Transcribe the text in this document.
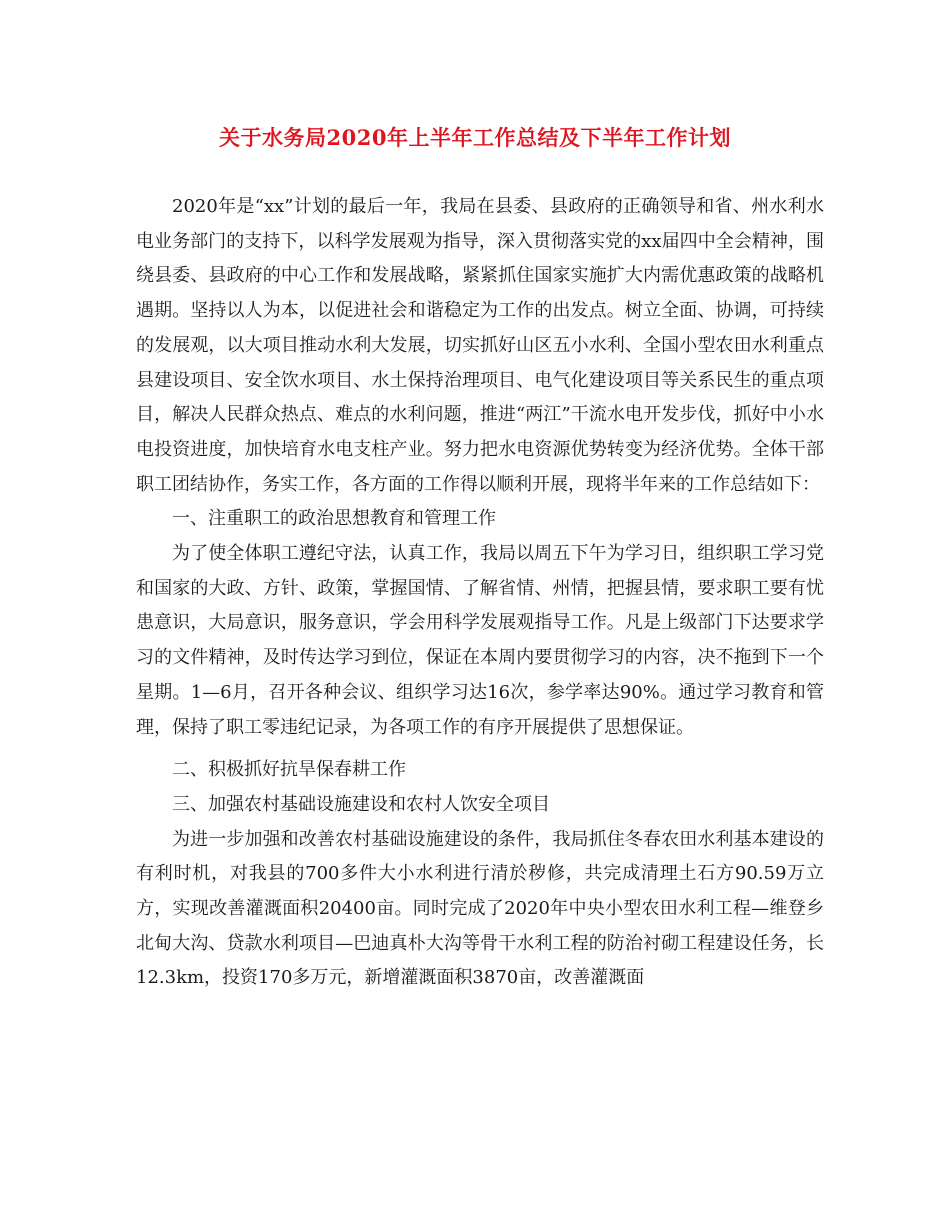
关于水务局2020年上半年工作总结及下半年工作计划

2020年是“xx”计划的最后一年，我局在县委、县政府的正确领导和省、州水利水电业务部门的支持下，以科学发展观为指导，深入贯彻落实党的xx届四中全会精神，围绕县委、县政府的中心工作和发展战略，紧紧抓住国家实施扩大内需优惠政策的战略机遇期。坚持以人为本，以促进社会和谐稳定为工作的出发点。树立全面、协调，可持续的发展观，以大项目推动水利大发展，切实抓好山区五小水利、全国小型农田水利重点县建设项目、安全饮水项目、水土保持治理项目、电气化建设项目等关系民生的重点项目，解决人民群众热点、难点的水利问题，推进“两江”干流水电开发步伐，抓好中小水电投资进度，加快培育水电支柱产业。努力把水电资源优势转变为经济优势。全体干部职工团结协作，务实工作，各方面的工作得以顺利开展，现将半年来的工作总结如下：

一、注重职工的政治思想教育和管理工作

为了使全体职工遵纪守法，认真工作，我局以周五下午为学习日，组织职工学习党和国家的大政、方针、政策，掌握国情、了解省情、州情，把握县情，要求职工要有忧患意识，大局意识，服务意识，学会用科学发展观指导工作。凡是上级部门下达要求学习的文件精神，及时传达学习到位，保证在本周内要贯彻学习的内容，决不拖到下一个星期。1—6月，召开各种会议、组织学习达16次，参学率达90%。通过学习教育和管理，保持了职工零违纪记录，为各项工作的有序开展提供了思想保证。

二、积极抓好抗旱保春耕工作

三、加强农村基础设施建设和农村人饮安全项目

为进一步加强和改善农村基础设施建设的条件，我局抓住冬春农田水利基本建设的有利时机，对我县的700多件大小水利进行清於秽修，共完成清理土石方90.59万立方，实现改善灌溉面积20400亩。同时完成了2020年中央小型农田水利工程—维登乡北甸大沟、贷款水利项目—巴迪真朴大沟等骨干水利工程的防治衬砌工程建设任务，长12.3km，投资170多万元，新增灌溉面积3870亩，改善灌溉面
